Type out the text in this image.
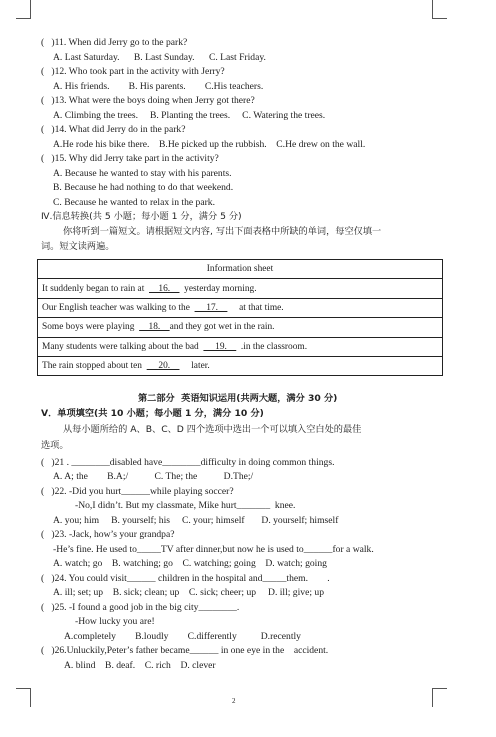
(   )11. When did Jerry go to the park?
A. Last Saturday.      B. Last Sunday.      C. Last Friday.
(   )12. Who took part in the activity with Jerry?
A. His friends.        B. His parents.        C.His teachers.
(   )13. What were the boys doing when Jerry got there?
A. Climbing the trees.     B. Planting the trees.     C. Watering the trees.
(   )14. What did Jerry do in the park?
A.He rode his bike there.    B.He picked up the rubbish.    C.He drew on the wall.
(   )15. Why did Jerry take part in the activity?
A. Because he wanted to stay with his parents.
B. Because he had nothing to do that weekend.
C. Because he wanted to relax in the park.
Ⅳ.信息转换(共 5 小题；每小题 1 分，满分 5 分)
你将听到一篇短文。请根据短文内容, 写出下面表格中所缺的单词，每空仅填一
词。短文读两遍。
Information sheet
It suddenly began to rain at      16.      yesterday morning.
Our English teacher was walking to the       17.         at that time.
Some boys were playing      18.    and they got wet in the rain.
Many students were talking about the bad       19.      .in the classroom.
The rain stopped about ten       20.         later.
第二部分  英语知识运用(共两大题，满分 30 分)
V．单项填空(共 10 小题；每小题 1 分，满分 10 分)
从每小题所给的 A、B、C、D 四个选项中选出一个可以填入空白处的最佳
选项。
(   )21 . ________disabled have________difficulty in doing common things.
A. A; the        B.A;/           C. The; the           D.The;/
(   )22. -Did you hurt______while playing soccer?
-No,I didn’t. But my classmate, Mike hurt_______  knee.
A. you; him     B. yourself; his     C. your; himself       D. yourself; himself
(   )23. -Jack, how’s your grandpa?
-He’s fine. He used to_____TV after dinner,but now he is used to______for a walk.
A. watch; go    B. watching; go    C. watching; going    D. watch; going
(   )24. You could visit______ children in the hospital and_____them.        .
A. ill; set; up    B. sick; clean; up    C. sick; cheer; up     D. ill; give; up
(   )25. -I found a good job in the big city________.
-How lucky you are!
A.completely        B.loudly        C.differently          D.recently
(   )26.Unluckily,Peter’s father became______ in one eye in the    accident.
A. blind    B. deaf.    C. rich    D. clever
2
